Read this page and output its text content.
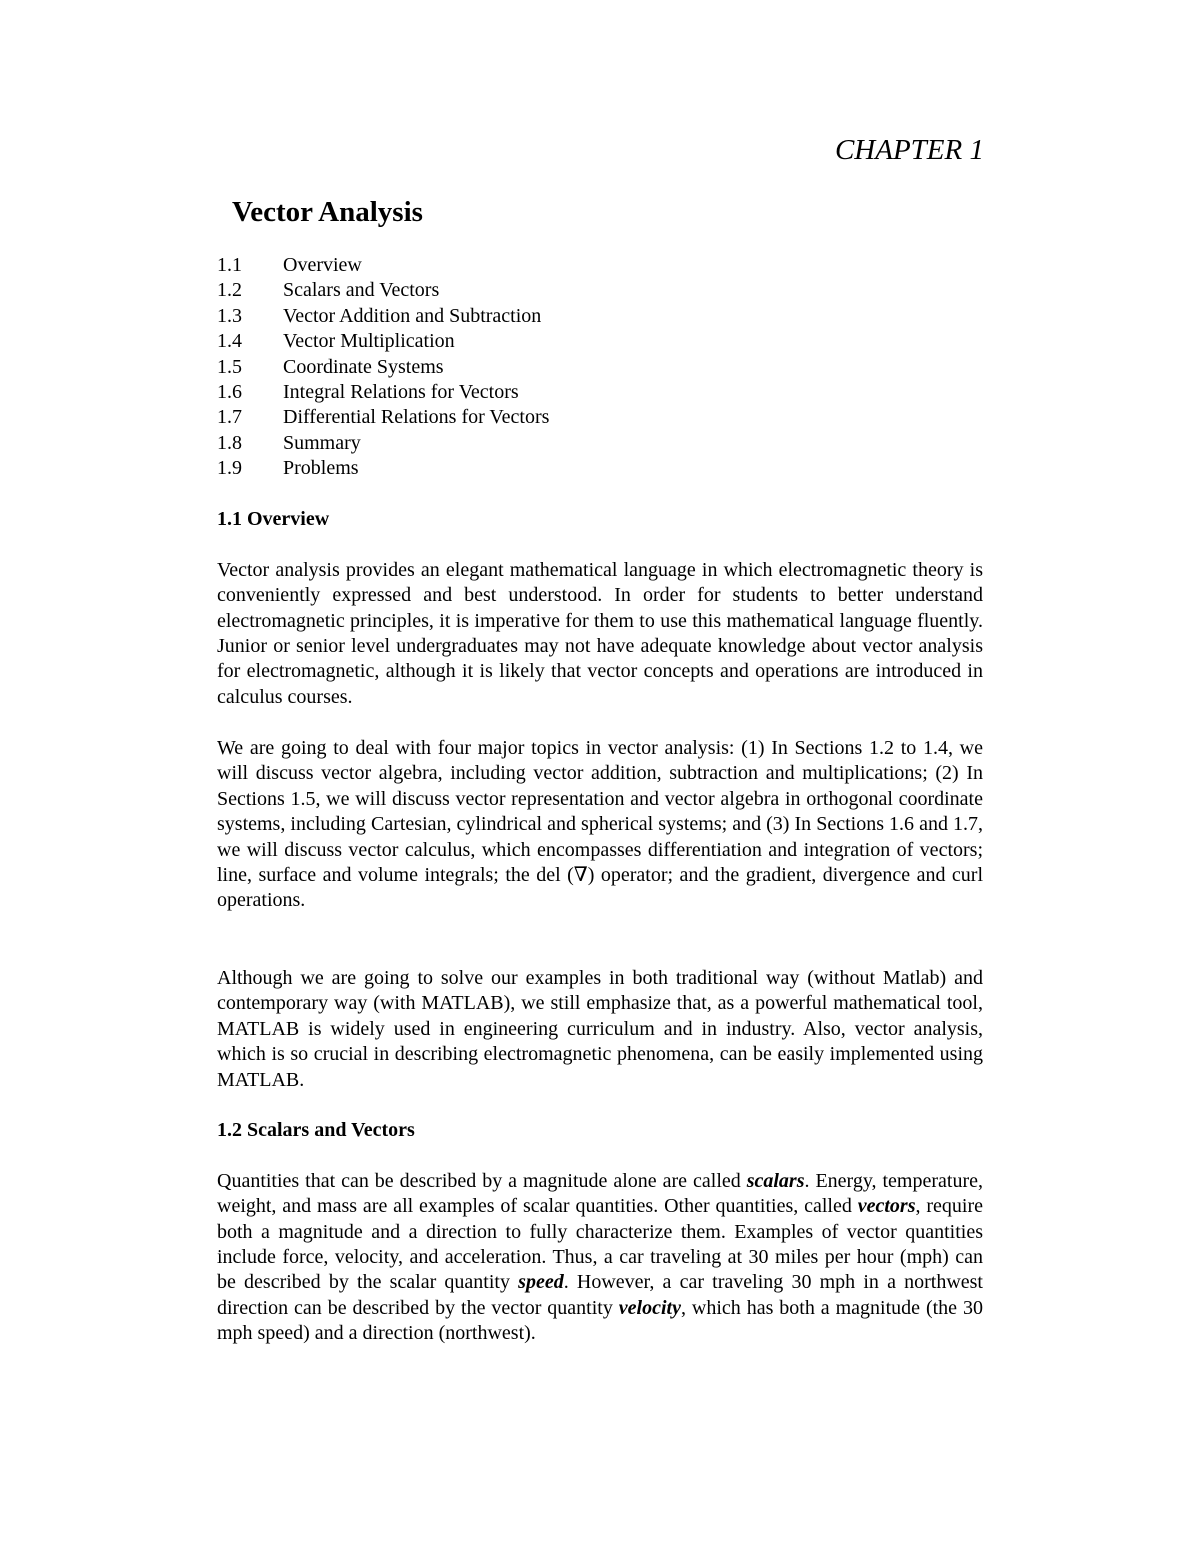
CHAPTER 1
Vector Analysis
1.1	Overview
1.2	Scalars and Vectors
1.3	Vector Addition and Subtraction
1.4	Vector Multiplication
1.5	Coordinate Systems
1.6	Integral Relations for Vectors
1.7	Differential Relations for Vectors
1.8	Summary
1.9	Problems
1.1 Overview

Vector analysis provides an elegant mathematical language in which electromagnetic theory is conveniently expressed and best understood. In order for students to better understand electromagnetic principles, it is imperative for them to use this mathematical language fluently. Junior or senior level undergraduates may not have adequate knowledge about vector analysis for electromagnetic, although it is likely that vector concepts and operations are introduced in calculus courses.

We are going to deal with four major topics in vector analysis: (1) In Sections 1.2 to 1.4, we will discuss vector algebra, including vector addition, subtraction and multiplications; (2) In Sections 1.5, we will discuss vector representation and vector algebra in orthogonal coordinate systems, including Cartesian, cylindrical and spherical systems; and (3) In Sections 1.6 and 1.7, we will discuss vector calculus, which encompasses differentiation and integration of vectors; line, surface and volume integrals; the del (∇) operator; and the gradient, divergence and curl operations.

Although we are going to solve our examples in both traditional way (without Matlab) and contemporary way (with MATLAB), we still emphasize that, as a powerful mathematical tool, MATLAB is widely used in engineering curriculum and in industry. Also, vector analysis, which is so crucial in describing electromagnetic phenomena, can be easily implemented using MATLAB.

1.2 Scalars and Vectors

Quantities that can be described by a magnitude alone are called scalars. Energy, temperature, weight, and mass are all examples of scalar quantities. Other quantities, called vectors, require both a magnitude and a direction to fully characterize them. Examples of vector quantities include force, velocity, and acceleration. Thus, a car traveling at 30 miles per hour (mph) can be described by the scalar quantity speed. However, a car traveling 30 mph in a northwest direction can be described by the vector quantity velocity, which has both a magnitude (the 30 mph speed) and a direction (northwest).
